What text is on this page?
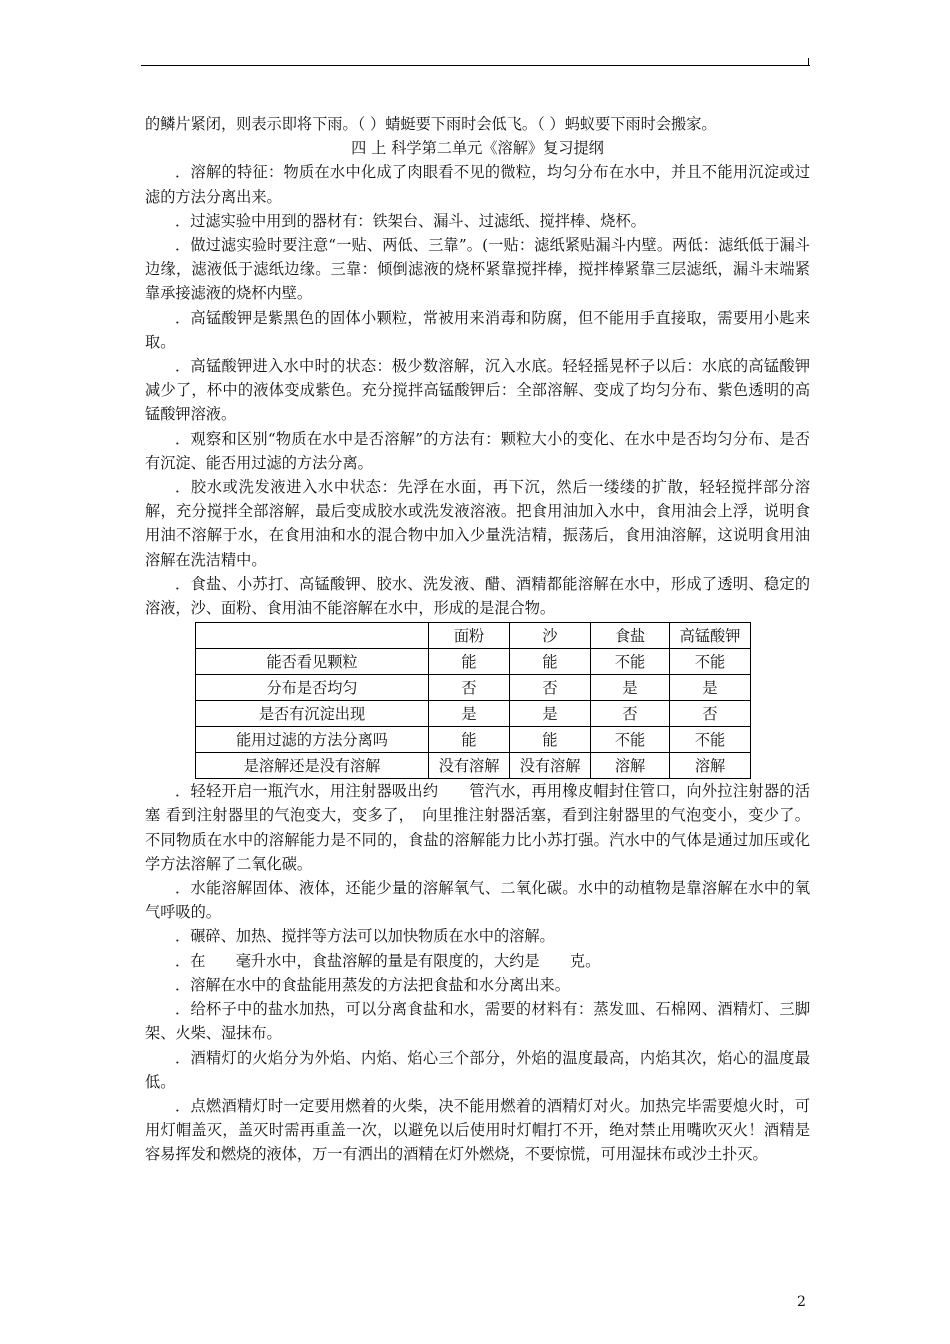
的鳞片紧闭，则表示即将下雨。（ ）蜻蜓要下雨时会低飞。（ ）蚂蚁要下雨时会搬家。

四 上 科学第二单元《溶解》复习提纲

．溶解的特征：物质在水中化成了肉眼看不见的微粒，均匀分布在水中，并且不能用沉淀或过滤的方法分离出来。

．过滤实验中用到的器材有：铁架台、漏斗、过滤纸、搅拌棒、烧杯。

．做过滤实验时要注意“一贴、两低、三靠”。(一贴：滤纸紧贴漏斗内壁。两低：滤纸低于漏斗边缘，滤液低于滤纸边缘。三靠：倾倒滤液的烧杯紧靠搅拌棒，搅拌棒紧靠三层滤纸，漏斗末端紧靠承接滤液的烧杯内壁。

．高锰酸钾是紫黑色的固体小颗粒，常被用来消毒和防腐，但不能用手直接取，需要用小匙来取。

．高锰酸钾进入水中时的状态：极少数溶解，沉入水底。轻轻摇晃杯子以后：水底的高锰酸钾减少了，杯中的液体变成紫色。充分搅拌高锰酸钾后：全部溶解、变成了均匀分布、紫色透明的高锰酸钾溶液。

．观察和区别“物质在水中是否溶解”的方法有：颗粒大小的变化、在水中是否均匀分布、是否有沉淀、能否用过滤的方法分离。

．胶水或洗发液进入水中状态：先浮在水面，再下沉，然后一缕缕的扩散，轻轻搅拌部分溶解，充分搅拌全部溶解，最后变成胶水或洗发液溶液。把食用油加入水中，食用油会上浮，说明食用油不溶解于水，在食用油和水的混合物中加入少量洗洁精，振荡后，食用油溶解，这说明食用油溶解在洗洁精中。

．食盐、小苏打、高锰酸钾、胶水、洗发液、醋、酒精都能溶解在水中，形成了透明、稳定的溶液，沙、面粉、食用油不能溶解在水中，形成的是混合物。

	面粉	沙	食盐	高锰酸钾
能否看见颗粒	能	能	不能	不能
分布是否均匀	否	否	是	是
是否有沉淀出现	是	是	否	否
能用过滤的方法分离吗	能	能	不能	不能
是溶解还是没有溶解	没有溶解	没有溶解	溶解	溶解

．轻轻开启一瓶汽水，用注射器吸出约　　管汽水，再用橡皮帽封住管口，向外拉注射器的活塞 看到注射器里的气泡变大，变多了，　向里推注射器活塞，看到注射器里的气泡变小，变少了。不同物质在水中的溶解能力是不同的，食盐的溶解能力比小苏打强。汽水中的气体是通过加压或化学方法溶解了二氧化碳。

．水能溶解固体、液体，还能少量的溶解氧气、二氧化碳。水中的动植物是靠溶解在水中的氧气呼吸的。

．碾碎、加热、搅拌等方法可以加快物质在水中的溶解。

．在　　毫升水中，食盐溶解的量是有限度的，大约是　　克。

．溶解在水中的食盐能用蒸发的方法把食盐和水分离出来。

．给杯子中的盐水加热，可以分离食盐和水，需要的材料有：蒸发皿、石棉网、酒精灯、三脚架、火柴、湿抹布。

．酒精灯的火焰分为外焰、内焰、焰心三个部分，外焰的温度最高，内焰其次，焰心的温度最低。

．点燃酒精灯时一定要用燃着的火柴，决不能用燃着的酒精灯对火。加热完毕需要熄火时，可用灯帽盖灭，盖灭时需再重盖一次，以避免以后使用时灯帽打不开，绝对禁止用嘴吹灭火！酒精是容易挥发和燃烧的液体，万一有洒出的酒精在灯外燃烧，不要惊慌，可用湿抹布或沙土扑灭。

2
